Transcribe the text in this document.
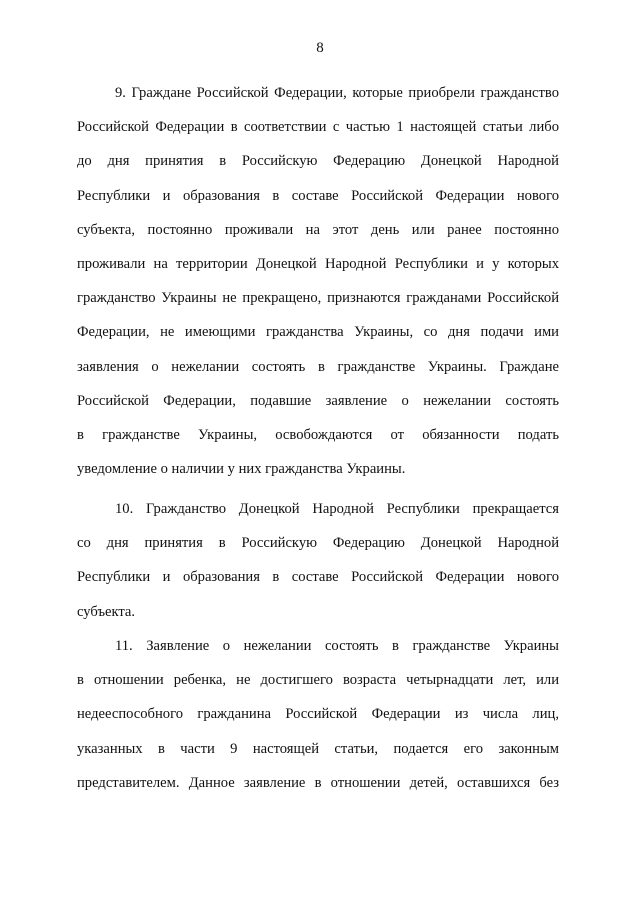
8
9. Граждане Российской Федерации, которые приобрели гражданство
Российской Федерации в соответствии с частью 1 настоящей статьи либо
до дня принятия в Российскую Федерацию Донецкой Народной
Республики и образования в составе Российской Федерации нового
субъекта, постоянно проживали на этот день или ранее постоянно
проживали на территории Донецкой Народной Республики и у которых
гражданство Украины не прекращено, признаются гражданами Российской
Федерации, не имеющими гражданства Украины, со дня подачи ими
заявления о нежелании состоять в гражданстве Украины. Граждане
Российской Федерации, подавшие заявление о нежелании состоять
в гражданстве Украины, освобождаются от обязанности подать
уведомление о наличии у них гражданства Украины.
10. Гражданство Донецкой Народной Республики прекращается
со дня принятия в Российскую Федерацию Донецкой Народной
Республики и образования в составе Российской Федерации нового
субъекта.
11. Заявление о нежелании состоять в гражданстве Украины
в отношении ребенка, не достигшего возраста четырнадцати лет, или
недееспособного гражданина Российской Федерации из числа лиц,
указанных в части 9 настоящей статьи, подается его законным
представителем. Данное заявление в отношении детей, оставшихся без
